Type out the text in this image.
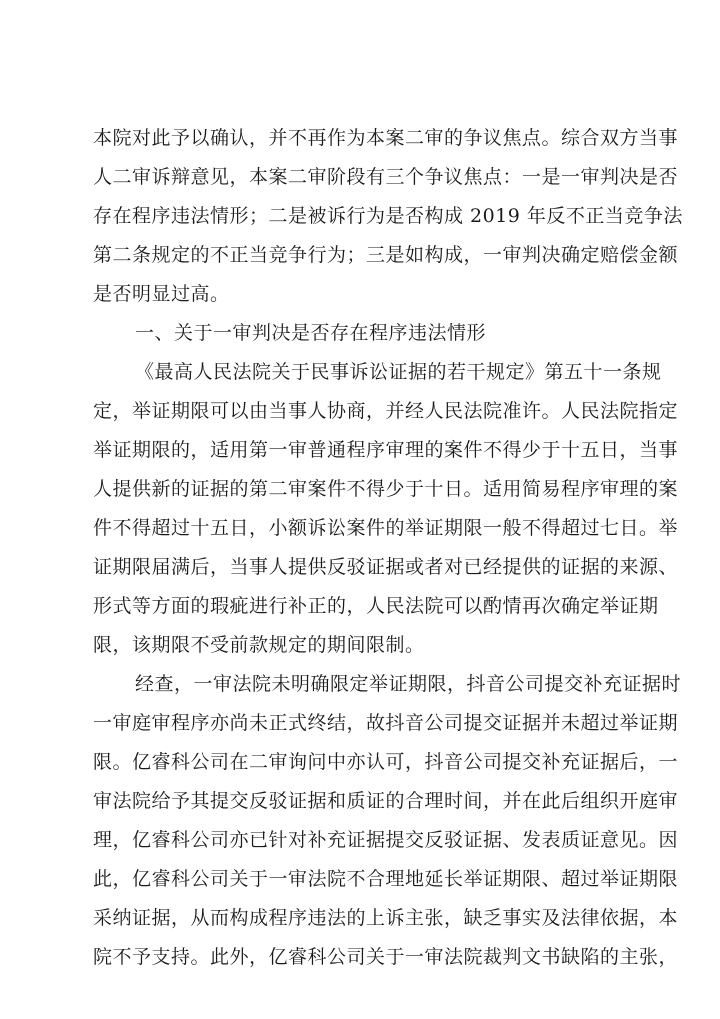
本院对此予以确认，并不再作为本案二审的争议焦点。综合双方当事
人二审诉辩意见，本案二审阶段有三个争议焦点：一是一审判决是否
存在程序违法情形；二是被诉行为是否构成 2019 年反不正当竞争法
第二条规定的不正当竞争行为；三是如构成，一审判决确定赔偿金额
是否明显过高。
一、关于一审判决是否存在程序违法情形
《最高人民法院关于民事诉讼证据的若干规定》第五十一条规
定，举证期限可以由当事人协商，并经人民法院准许。人民法院指定
举证期限的，适用第一审普通程序审理的案件不得少于十五日，当事
人提供新的证据的第二审案件不得少于十日。适用简易程序审理的案
件不得超过十五日，小额诉讼案件的举证期限一般不得超过七日。举
证期限届满后，当事人提供反驳证据或者对已经提供的证据的来源、
形式等方面的瑕疵进行补正的，人民法院可以酌情再次确定举证期
限，该期限不受前款规定的期间限制。
经查，一审法院未明确限定举证期限，抖音公司提交补充证据时
一审庭审程序亦尚未正式终结，故抖音公司提交证据并未超过举证期
限。亿睿科公司在二审询问中亦认可，抖音公司提交补充证据后，一
审法院给予其提交反驳证据和质证的合理时间，并在此后组织开庭审
理，亿睿科公司亦已针对补充证据提交反驳证据、发表质证意见。因
此，亿睿科公司关于一审法院不合理地延长举证期限、超过举证期限
采纳证据，从而构成程序违法的上诉主张，缺乏事实及法律依据，本
院不予支持。此外，亿睿科公司关于一审法院裁判文书缺陷的主张，
